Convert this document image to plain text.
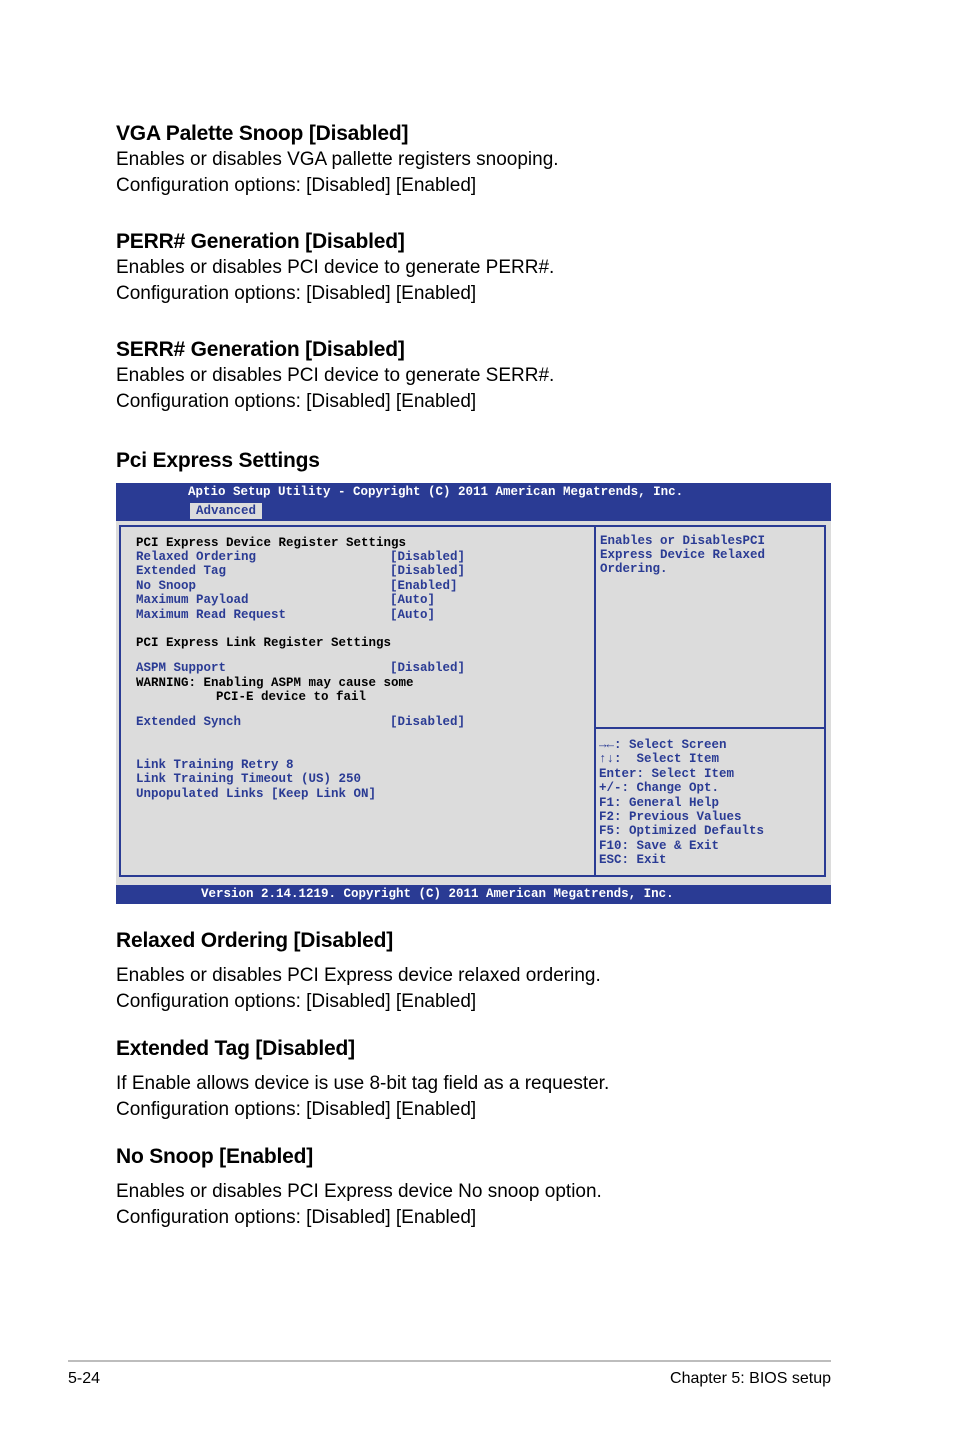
VGA Palette Snoop [Disabled]

Enables or disables VGA pallette registers snooping.

Configuration options: [Disabled] [Enabled]

PERR# Generation [Disabled]

Enables or disables PCI device to generate PERR#.

Configuration options: [Disabled] [Enabled]

SERR# Generation [Disabled]

Enables or disables PCI device to generate SERR#.

Configuration options: [Disabled] [Enabled]

Pci Express Settings
Aptio Setup Utility - Copyright (C) 2011 American Megatrends, Inc.
Advanced
PCI Express Device Register Settings
Relaxed Ordering	[Disabled]
Extended Tag	[Disabled]
No Snoop	[Enabled]
Maximum Payload	[Auto]
Maximum Read Request	[Auto]
PCI Express Link Register Settings
ASPM Support	[Disabled]
WARNING: Enabling ASPM may cause some
PCI-E device to fail
Extended Synch	[Disabled]
Link Training Retry 8
Link Training Timeout (US) 250
Unpopulated Links [Keep Link ON]
Enables or DisablesPCI
Express Device Relaxed
Ordering.
→←: Select Screen
↑↓:  Select Item
Enter: Select Item
+/-: Change Opt.
F1: General Help
F2: Previous Values
F5: Optimized Defaults
F10: Save & Exit
ESC: Exit
Version 2.14.1219. Copyright (C) 2011 American Megatrends, Inc.
Relaxed Ordering [Disabled]

Enables or disables PCI Express device relaxed ordering.

Configuration options: [Disabled] [Enabled]

Extended Tag [Disabled]

If Enable allows device is use 8-bit tag field as a requester.

Configuration options: [Disabled] [Enabled]

No Snoop [Enabled]

Enables or disables PCI Express device No snoop option.

Configuration options: [Disabled] [Enabled]

5-24	Chapter 5: BIOS setup
